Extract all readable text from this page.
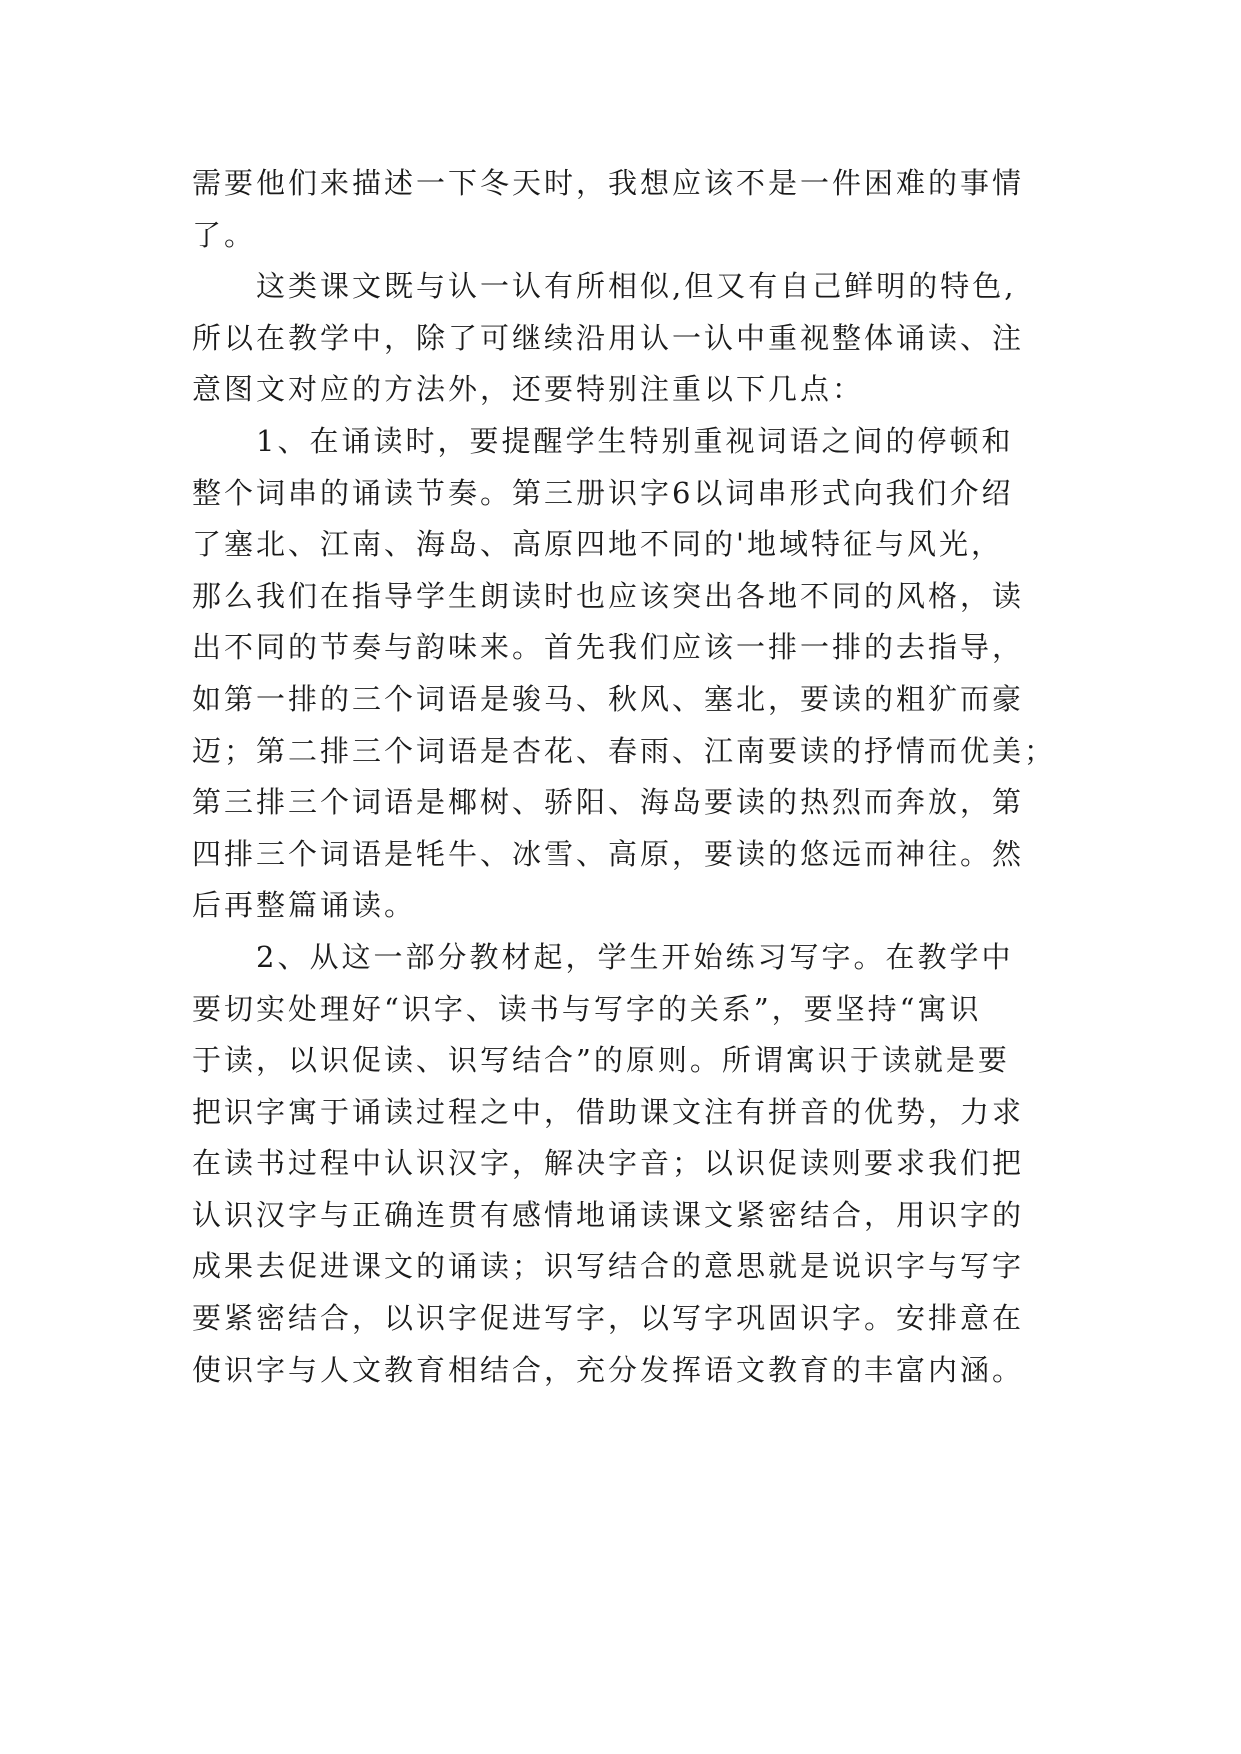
需要他们来描述一下冬天时，我想应该不是一件困难的事情
了。
这类课文既与认一认有所相似,但又有自己鲜明的特色,
所以在教学中，除了可继续沿用认一认中重视整体诵读、注
意图文对应的方法外，还要特别注重以下几点：
1、在诵读时，要提醒学生特别重视词语之间的停顿和
整个词串的诵读节奏。第三册识字6以词串形式向我们介绍
了塞北、江南、海岛、高原四地不同的'地域特征与风光，
那么我们在指导学生朗读时也应该突出各地不同的风格，读
出不同的节奏与韵味来。首先我们应该一排一排的去指导，
如第一排的三个词语是骏马、秋风、塞北，要读的粗犷而豪
迈；第二排三个词语是杏花、春雨、江南要读的抒情而优美；
第三排三个词语是椰树、骄阳、海岛要读的热烈而奔放，第
四排三个词语是牦牛、冰雪、高原，要读的悠远而神往。然
后再整篇诵读。
2、从这一部分教材起，学生开始练习写字。在教学中
要切实处理好“识字、读书与写字的关系”，要坚持“寓识
于读，以识促读、识写结合”的原则。所谓寓识于读就是要
把识字寓于诵读过程之中，借助课文注有拼音的优势，力求
在读书过程中认识汉字，解决字音；以识促读则要求我们把
认识汉字与正确连贯有感情地诵读课文紧密结合，用识字的
成果去促进课文的诵读；识写结合的意思就是说识字与写字
要紧密结合，以识字促进写字，以写字巩固识字。安排意在
使识字与人文教育相结合，充分发挥语文教育的丰富内涵。
